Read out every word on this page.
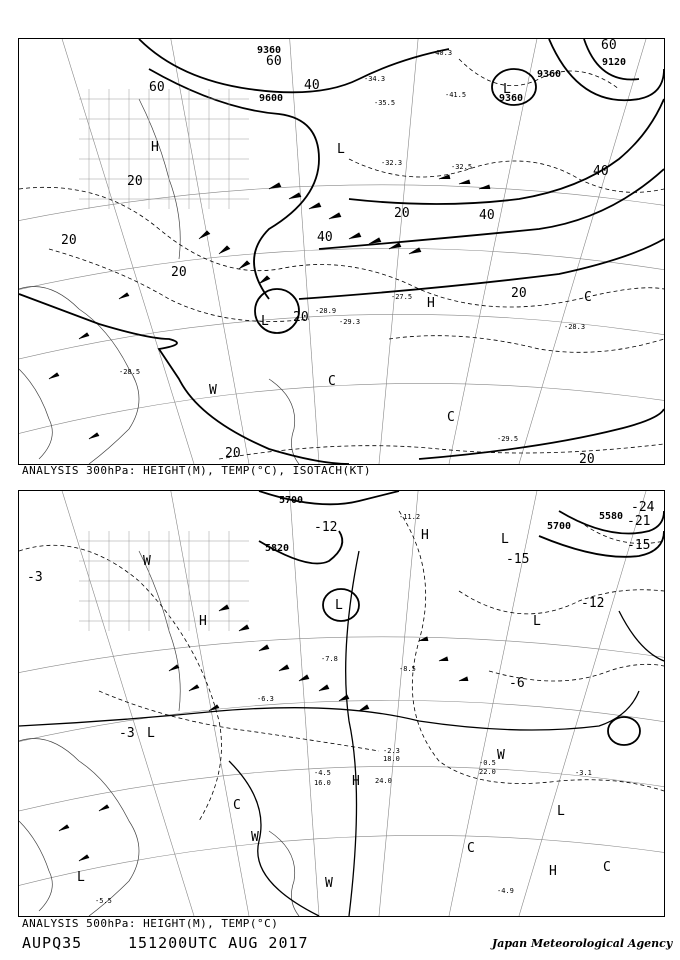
9360
9600
9120
9360
9360
60	40
60
20
20
20
40
20	40
40
60
20
20
20	20
H
L
L
H
W
C
C
C
L
-40.3
-34.3
-35.5
-32.3	-32.5
-28.3
-28.5
-29.3
-27.5
-28.9
-29.5
-41.5
ANALYSIS 300hPa: HEIGHT(M), TEMP(°C), ISOTACH(KT)
5700
5820
5700
5580
-12
-15
-3
-6
-12
-3
-15
-21
-24
L
H
H	L
L
H
L
W
W
C
C
H
L
C
L
W
W
-11.2
-8.5
-6.3
-7.8
-4.5	-3.1
-0.5
-4.9
-5.5
-2.3
22.0
24.0
16.0
18.0
ANALYSIS 500hPa: HEIGHT(M), TEMP(°C)
AUPQ35	151200UTC AUG 2017	Japan Meteorological Agency
